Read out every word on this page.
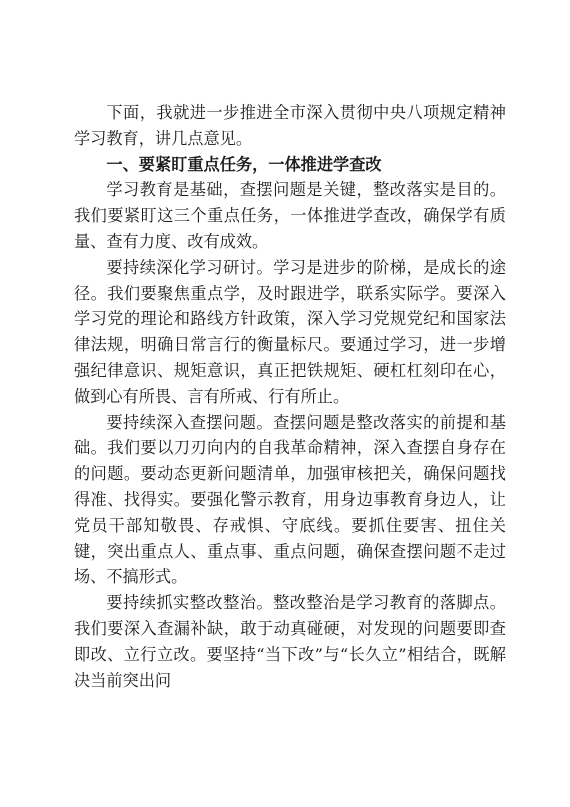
下面，我就进一步推进全市深入贯彻中央八项规定精神学习教育，讲几点意见。

一、要紧盯重点任务，一体推进学查改

学习教育是基础，查摆问题是关键，整改落实是目的。我们要紧盯这三个重点任务，一体推进学查改，确保学有质量、查有力度、改有成效。

要持续深化学习研讨。学习是进步的阶梯，是成长的途径。我们要聚焦重点学，及时跟进学，联系实际学。要深入学习党的理论和路线方针政策，深入学习党规党纪和国家法律法规，明确日常言行的衡量标尺。要通过学习，进一步增强纪律意识、规矩意识，真正把铁规矩、硬杠杠刻印在心，做到心有所畏、言有所戒、行有所止。

要持续深入查摆问题。查摆问题是整改落实的前提和基础。我们要以刀刃向内的自我革命精神，深入查摆自身存在的问题。要动态更新问题清单，加强审核把关，确保问题找得准、找得实。要强化警示教育，用身边事教育身边人，让党员干部知敬畏、存戒惧、守底线。要抓住要害、扭住关键，突出重点人、重点事、重点问题，确保查摆问题不走过场、不搞形式。

要持续抓实整改整治。整改整治是学习教育的落脚点。我们要深入查漏补缺，敢于动真碰硬，对发现的问题要即查即改、立行立改。要坚持“当下改”与“长久立”相结合，既解决当前突出问
